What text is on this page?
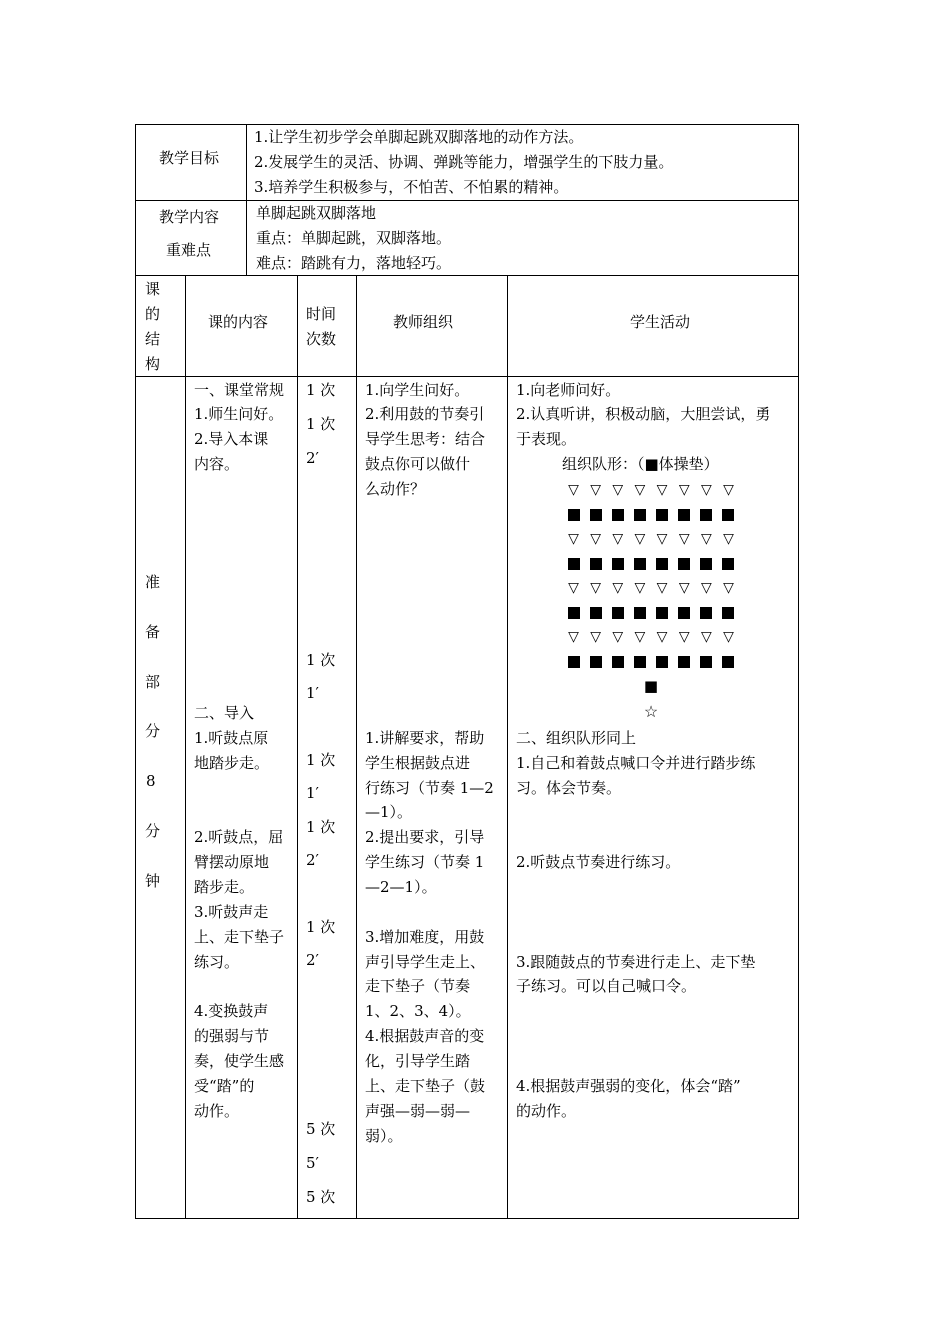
教学目标
1.让学生初步学会单脚起跳双脚落地的动作方法。
2.发展学生的灵活、协调、弹跳等能力，增强学生的下肢力量。
3.培养学生积极参与，不怕苦、不怕累的精神。
教学内容
重难点
单脚起跳双脚落地
重点：单脚起跳，双脚落地。
难点：踏跳有力，落地轻巧。
课
的
结
构
课的内容	时间
次数
教师组织	学生活动
准
备
部
分
8
分
钟
一、课堂常规
1.师生问好。
2.导入本课
内容。
二、导入
1.听鼓点原
地踏步走。
2.听鼓点，屈
臂摆动原地
踏步走。
3.听鼓声走
上、走下垫子
练习。
4.变换鼓声
的强弱与节
奏，使学生感
受“踏”的
动作。
1 次
1 次
2′
1 次
1′
1 次
1′
1 次
2′
1 次
2′
5 次
5′
5 次
1.向学生问好。
2.利用鼓的节奏引
导学生思考：结合
鼓点你可以做什
么动作？
1.讲解要求，帮助
学生根据鼓点进
行练习（节奏 1—2
—1）。
2.提出要求，引导
学生练习（节奏 1
—2—1）。
3.增加难度，用鼓
声引导学生走上、
走下垫子（节奏
1、2、3、4）。
4.根据鼓声音的变
化，引导学生踏
上、走下垫子（鼓
声强—弱—弱—
弱）。
1.向老师问好。
2.认真听讲，积极动脑，大胆尝试，勇
于表现。
组织队形：（■体操垫）
▽ ▽ ▽ ▽ ▽ ▽ ▽ ▽
▽ ▽ ▽ ▽ ▽ ▽ ▽ ▽
▽ ▽ ▽ ▽ ▽ ▽ ▽ ▽
▽ ▽ ▽ ▽ ▽ ▽ ▽ ▽
■
☆
二、组织队形同上
1.自己和着鼓点喊口令并进行踏步练
习。体会节奏。
2.听鼓点节奏进行练习。
3.跟随鼓点的节奏进行走上、走下垫
子练习。可以自己喊口令。
4.根据鼓声强弱的变化，体会“踏”
的动作。
